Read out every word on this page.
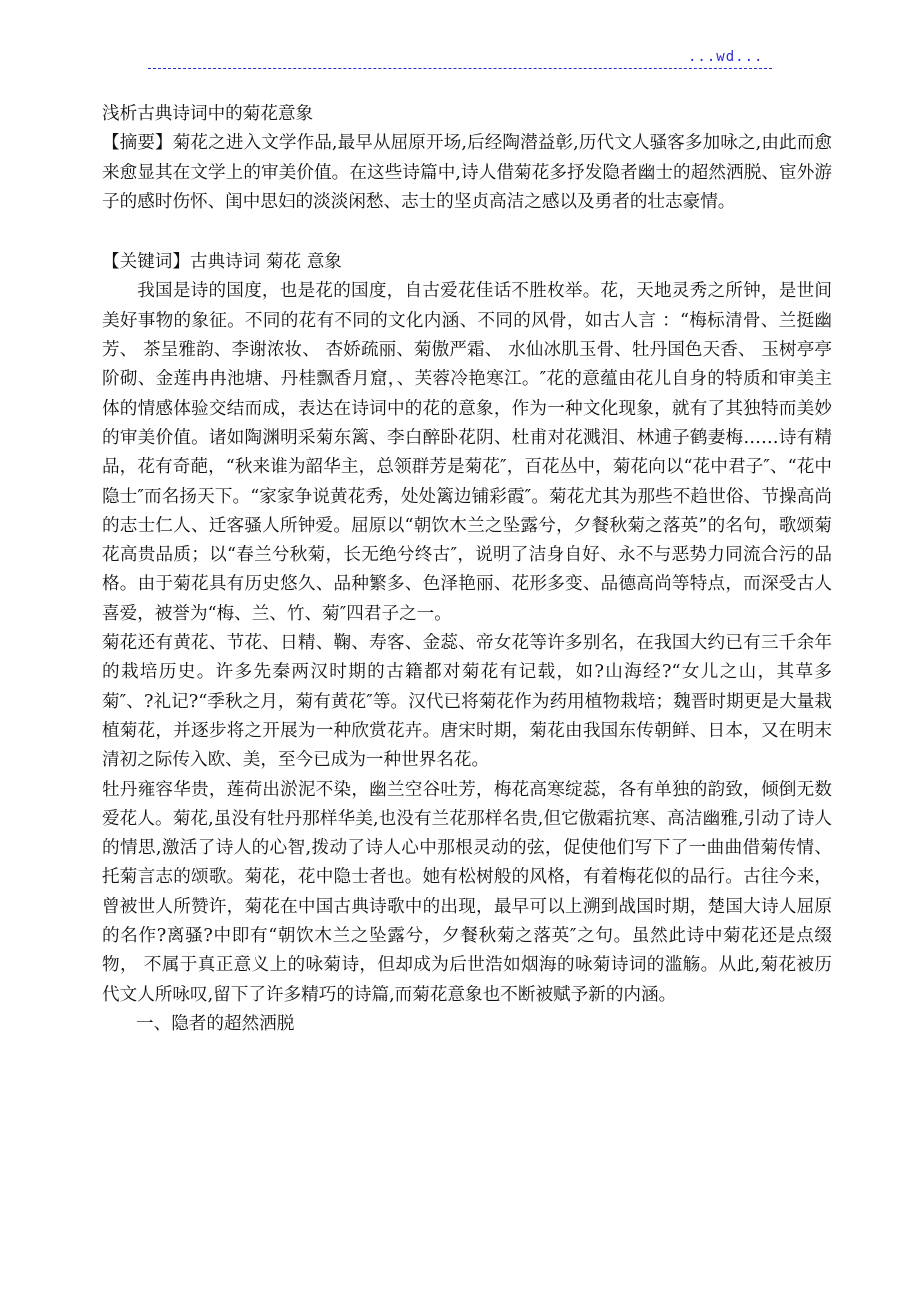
...wd...

浅析古典诗词中的菊花意象

【摘要】菊花之进入文学作品,最早从屈原开场,后经陶潜益彰,历代文人骚客多加咏之,由此而愈来愈显其在文学上的审美价值。在这些诗篇中,诗人借菊花多抒发隐者幽士的超然洒脱、宦外游子的感时伤怀、闺中思妇的淡淡闲愁、志士的坚贞高洁之感以及勇者的壮志豪情。

【关键词】古典诗词 菊花 意象

我国是诗的国度，也是花的国度，自古爱花佳话不胜枚举。花，天地灵秀之所钟，是世间美好事物的象征。不同的花有不同的文化内涵、不同的风骨，如古人言 ：“梅标清骨、兰挺幽芳、 茶呈雅韵、李谢浓妆、 杏娇疏丽、菊傲严霜、 水仙冰肌玉骨、牡丹国色天香、 玉树亭亭阶砌、金莲冉冉池塘、丹桂飘香月窟，、芙蓉冷艳寒江。″花的意蕴由花儿自身的特质和审美主体的情感体验交结而成，表达在诗词中的花的意象，作为一种文化现象，就有了其独特而美妙的审美价值。诸如陶渊明采菊东篱、李白醉卧花阴、杜甫对花溅泪、林逋子鹤妻梅……诗有精品，花有奇葩，“秋来谁为韶华主，总领群芳是菊花″，百花丛中，菊花向以“花中君子″、“花中隐士″而名扬天下。“家家争说黄花秀，处处篱边铺彩霞″。菊花尤其为那些不趋世俗、节操高尚的志士仁人、迁客骚人所钟爱。屈原以“朝饮木兰之坠露兮，夕餐秋菊之落英”的名句，歌颂菊花高贵品质；以“春兰兮秋菊，长无绝兮终古″，说明了洁身自好、永不与恶势力同流合污的品格。由于菊花具有历史悠久、品种繁多、色泽艳丽、花形多变、品德高尚等特点，而深受古人喜爱，被誉为“梅、兰、竹、菊″四君子之一。

菊花还有黄花、节花、日精、鞠、寿客、金蕊、帝女花等许多别名，在我国大约已有三千余年的栽培历史。许多先秦两汉时期的古籍都对菊花有记载，如?山海经?“女儿之山，其草多菊″、?礼记?“季秋之月，菊有黄花″等。汉代已将菊花作为药用植物栽培；魏晋时期更是大量栽植菊花，并逐步将之开展为一种欣赏花卉。唐宋时期，菊花由我国东传朝鲜、日本，又在明末清初之际传入欧、美，至今已成为一种世界名花。

牡丹雍容华贵，莲荷出淤泥不染，幽兰空谷吐芳，梅花高寒绽蕊，各有单独的韵致，倾倒无数爱花人。菊花,虽没有牡丹那样华美,也没有兰花那样名贵,但它傲霜抗寒、高洁幽雅,引动了诗人的情思,激活了诗人的心智,拨动了诗人心中那根灵动的弦，促使他们写下了一曲曲借菊传情、托菊言志的颂歌。菊花，花中隐士者也。她有松树般的风格，有着梅花似的品行。古往今来，曾被世人所赞许，菊花在中国古典诗歌中的出现，最早可以上溯到战国时期，楚国大诗人屈原的名作?离骚?中即有“朝饮木兰之坠露兮，夕餐秋菊之落英″之句。虽然此诗中菊花还是点缀物， 不属于真正意义上的咏菊诗，但却成为后世浩如烟海的咏菊诗词的滥觞。从此,菊花被历代文人所咏叹,留下了许多精巧的诗篇,而菊花意象也不断被赋予新的内涵。

一、隐者的超然洒脱
